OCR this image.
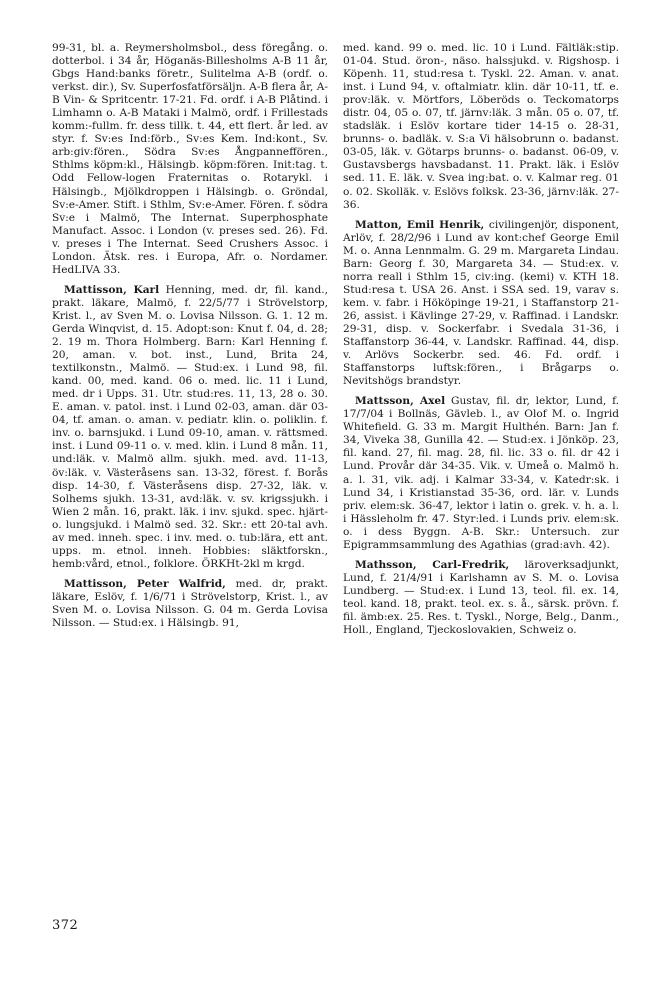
99-31, bl. a. Reymersholmsbol., dess föregång. o. dotterbol. i 34 år, Höganäs-Billesholms A-B 11 år, Gbgs Hand:banks företr., Sulitelma A-B (ordf. o. verkst. dir.), Sv. Superfosfatförsäljn. A-B flera år, A-B Vin- & Spritcentr. 17-21. Fd. ordf. i A-B Plåtind. i Limhamn o. A-B Mataki i Malmö, ordf. i Frillestads komm:-fullm. fr. dess tillk. t. 44, ett flert. år led. av styr. f. Sv:es Ind:förb., Sv:es Kem. Ind:kont., Sv. arb:giv:fören., Södra Sv:es Ångpanneffören., Sthlms köpm:kl., Hälsingb. köpm:fören. Init:tag. t. Odd Fellow-logen Fraternitas o. Rotarykl. i Hälsingb., Mjölkdroppen i Hälsingb. o. Gröndal, Sv:e-Amer. Stift. i Sthlm, Sv:e-Amer. Fören. f. södra Sv:e i Malmö, The Internat. Superphosphate Manufact. Assoc. i London (v. preses sed. 26). Fd. v. preses i The Internat. Seed Crushers Assoc. i London. Ätsk. res. i Europa, Afr. o. Nordamer. HedLIVA 33.

Mattisson, Karl Henning, med. dr, fil. kand., prakt. läkare, Malmö, f. 22/5/77 i Strövelstorp, Krist. l., av Sven M. o. Lovisa Nilsson. G. 1. 12 m. Gerda Winqvist, d. 15. Adopt:son: Knut f. 04, d. 28; 2. 19 m. Thora Holmberg. Barn: Karl Henning f. 20, aman. v. bot. inst., Lund, Brita 24, textilkonstn., Malmö. — Stud:ex. i Lund 98, fil. kand. 00, med. kand. 06 o. med. lic. 11 i Lund, med. dr i Upps. 31. Utr. stud:res. 11, 13, 28 o. 30. E. aman. v. patol. inst. i Lund 02-03, aman. där 03-04, tf. aman. o. aman. v. pediatr. klin. o. poliklin. f. inv. o. barnsjukd. i Lund 09-10, aman. v. rättsmed. inst. i Lund 09-11 o. v. med. klin. i Lund 8 mån. 11, und:läk. v. Malmö allm. sjukh. med. avd. 11-13, öv:läk. v. Västeråsens san. 13-32, förest. f. Borås disp. 14-30, f. Västeråsens disp. 27-32, läk. v. Solhems sjukh. 13-31, avd:läk. v. sv. krigssjukh. i Wien 2 mån. 16, prakt. läk. i inv. sjukd. spec. hjärt- o. lungsjukd. i Malmö sed. 32. Skr.: ett 20-tal avh. av med. inneh. spec. i inv. med. o. tub:lära, ett ant. upps. m. etnol. inneh. Hobbies: släktforskn., hemb:vård, etnol., folklore. ÖRKHt-2kl m krgd.

Mattisson, Peter Walfrid, med. dr, prakt. läkare, Eslöv, f. 1/6/71 i Strövelstorp, Krist. l., av Sven M. o. Lovisa Nilsson. G. 04 m. Gerda Lovisa Nilsson. — Stud:ex. i Hälsingb. 91,

med. kand. 99 o. med. lic. 10 i Lund. Fältläk:stip. 01-04. Stud. öron-, näso. halssjukd. v. Rigshosp. i Köpenh. 11, stud:resa t. Tyskl. 22. Aman. v. anat. inst. i Lund 94, v. oftalmiatr. klin. där 10-11, tf. e. prov:läk. v. Mörtfors, Löberöds o. Teckomatorps distr. 04, 05 o. 07, tf. järnv:läk. 3 mån. 05 o. 07, tf. stadsläk. i Eslöv kortare tider 14-15 o. 28-31, brunns- o. badläk. v. S:a Vi hälsobrunn o. badanst. 03-05, läk. v. Götarps brunns- o. badanst. 06-09, v. Gustavsbergs havsbadanst. 11. Prakt. läk. i Eslöv sed. 11. E. läk. v. Svea ing:bat. o. v. Kalmar reg. 01 o. 02. Skolläk. v. Eslövs folksk. 23-36, järnv:läk. 27-36.

Matton, Emil Henrik, civilingenjör, disponent, Arlöv, f. 28/2/96 i Lund av kont:chef George Emil M. o. Anna Lennmalm. G. 29 m. Margareta Lindau. Barn: Georg f. 30, Margareta 34. — Stud:ex. v. norra reall i Sthlm 15, civ:ing. (kemi) v. KTH 18. Stud:resa t. USA 26. Anst. i SSA sed. 19, varav s. kem. v. fabr. i Hököpinge 19-21, i Staffanstorp 21-26, assist. i Kävlinge 27-29, v. Raffinad. i Landskr. 29-31, disp. v. Sockerfabr. i Svedala 31-36, i Staffanstorp 36-44, v. Landskr. Raffinad. 44, disp. v. Arlövs Sockerbr. sed. 46. Fd. ordf. i Staffanstorps luftsk:fören., i Brågarps o. Nevitshögs brandstyr.

Mattsson, Axel Gustav, fil. dr, lektor, Lund, f. 17/7/04 i Bollnäs, Gävleb. l., av Olof M. o. Ingrid Whitefield. G. 33 m. Margit Hulthén. Barn: Jan f. 34, Viveka 38, Gunilla 42. — Stud:ex. i Jönköp. 23, fil. kand. 27, fil. mag. 28, fil. lic. 33 o. fil. dr 42 i Lund. Provår där 34-35. Vik. v. Umeå o. Malmö h. a. l. 31, vik. adj. i Kalmar 33-34, v. Katedr:sk. i Lund 34, i Kristianstad 35-36, ord. lär. v. Lunds priv. elem:sk. 36-47, lektor i latin o. grek. v. h. a. l. i Hässleholm fr. 47. Styr:led. i Lunds priv. elem:sk. o. i dess Byggn. A-B. Skr.: Untersuch. zur Epigrammsammlung des Agathias (grad:avh. 42).

Mathsson, Carl-Fredrik, läroverksadjunkt, Lund, f. 21/4/91 i Karlshamn av S. M. o. Lovisa Lundberg. — Stud:ex. i Lund 13, teol. fil. ex. 14, teol. kand. 18, prakt. teol. ex. s. å., särsk. prövn. f. fil. ämb:ex. 25. Res. t. Tyskl., Norge, Belg., Danm., Holl., England, Tjeckoslovakien, Schweiz o.

372
